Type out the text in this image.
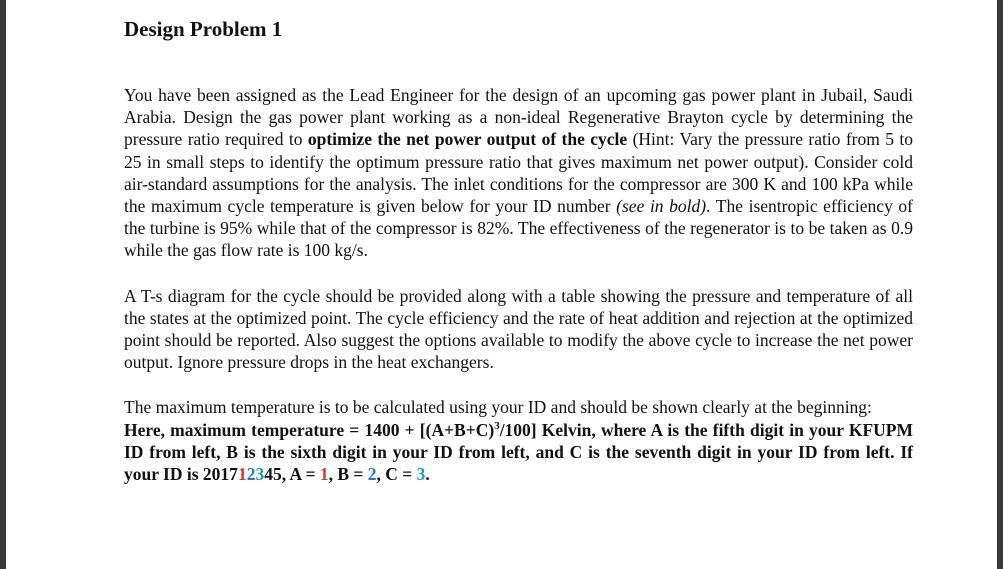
Design Problem 1

You have been assigned as the Lead Engineer for the design of an upcoming gas power plant in Jubail, Saudi Arabia. Design the gas power plant working as a non-ideal Regenerative Brayton cycle by determining the pressure ratio required to optimize the net power output of the cycle (Hint: Vary the pressure ratio from 5 to 25 in small steps to identify the optimum pressure ratio that gives maximum net power output). Consider cold air-standard assumptions for the analysis. The inlet conditions for the compressor are 300 K and 100 kPa while the maximum cycle temperature is given below for your ID number (see in bold). The isentropic efficiency of the turbine is 95% while that of the compressor is 82%. The effectiveness of the regenerator is to be taken as 0.9 while the gas flow rate is 100 kg/s.

A T-s diagram for the cycle should be provided along with a table showing the pressure and temperature of all the states at the optimized point. The cycle efficiency and the rate of heat addition and rejection at the optimized point should be reported. Also suggest the options available to modify the above cycle to increase the net power output. Ignore pressure drops in the heat exchangers.

The maximum temperature is to be calculated using your ID and should be shown clearly at the beginning:

Here, maximum temperature = $1400 + [(A+B+C)^3/100]$ Kelvin, where A is the fifth digit in your KFUPM ID from left, B is the sixth digit in your ID from left, and C is the seventh digit in your ID from left. If your ID is 201712345, A = 1, B = 2, C = 3.
